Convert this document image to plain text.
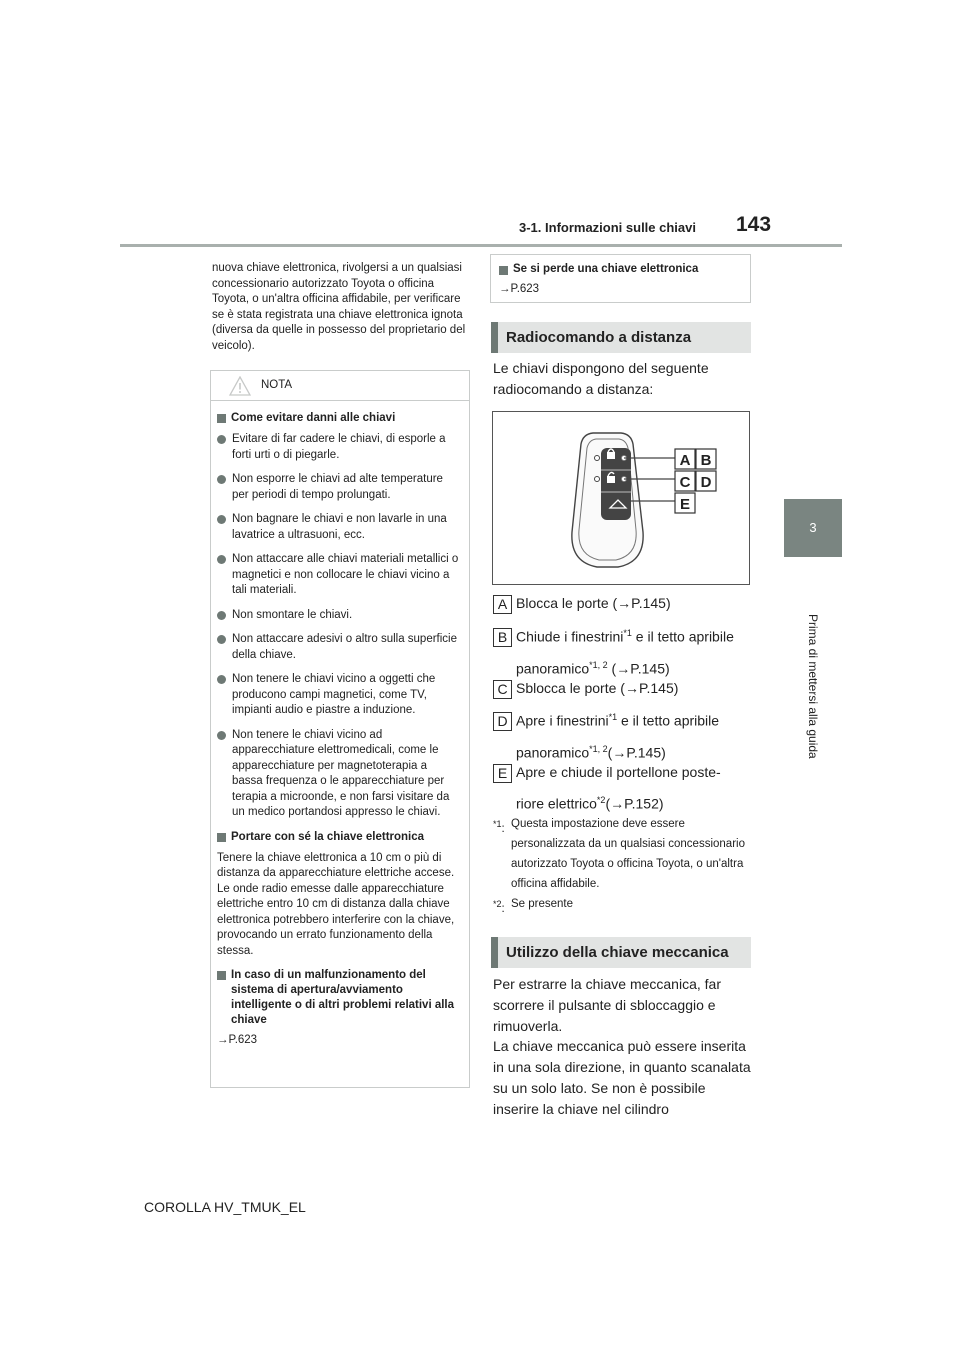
3-1. Informazioni sulle chiavi 143
3
Prima di mettersi alla guida
nuova chiave elettronica, rivolgersi a un qualsiasi concessionario autorizzato Toyota o officina Toyota, o un'altra officina affidabile, per verificare se è stata registrata una chiave elettronica ignota (diversa da quelle in possesso del proprietario del veicolo).
NOTA
Come evitare danni alle chiavi
Evitare di far cadere le chiavi, di esporle a forti urti o di piegarle.
Non esporre le chiavi ad alte temperature per periodi di tempo prolungati.
Non bagnare le chiavi e non lavarle in una lavatrice a ultrasuoni, ecc.
Non attaccare alle chiavi materiali metallici o magnetici e non collocare le chiavi vicino a tali materiali.
Non smontare le chiavi.
Non attaccare adesivi o altro sulla superficie della chiave.
Non tenere le chiavi vicino a oggetti che producono campi magnetici, come TV, impianti audio e piastre a induzione.
Non tenere le chiavi vicino ad apparecchiature elettromedicali, come le apparecchiature per magnetoterapia a bassa frequenza o le apparecchiature per terapia a microonde, e non farsi visitare da un medico portandosi appresso le chiavi.
Portare con sé la chiave elettronica
Tenere la chiave elettronica a 10 cm o più di distanza da apparecchiature elettriche accese. Le onde radio emesse dalle apparecchiature elettriche entro 10 cm di distanza dalla chiave elettronica potrebbero interferire con la chiave, provocando un errato funzionamento della stessa.
In caso di un malfunzionamento del sistema di apertura/avviamento intelligente o di altri problemi relativi alla chiave
→P.623
Se si perde una chiave elettronica
→P.623
Radiocomando a distanza
Le chiavi dispongono del seguente radiocomando a distanza:
A B
C D
E
A Blocca le porte (→P.145)
B Chiude i finestrini$^{*1}$ e il tetto apribile
panoramico$^{*1, 2}$ (→P.145)
C Sblocca le porte (→P.145)
D Apre i finestrini$^{*1}$ e il tetto apribile
panoramico$^{*1, 2}$(→P.145)
E Apre e chiude il portellone poste-
riore elettrico$^{*2}$(→P.152)
$^{*1}$: Questa impostazione deve essere personalizzata da un qualsiasi concessionario autorizzato Toyota o officina Toyota, o un'altra officina affidabile.
$^{*2}$: Se presente
Utilizzo della chiave meccanica
Per estrarre la chiave meccanica, far scorrere il pulsante di sbloccaggio e rimuoverla.
La chiave meccanica può essere inserita in una sola direzione, in quanto scanalata su un solo lato. Se non è possibile inserire la chiave nel cilindro
COROLLA HV_TMUK_EL
